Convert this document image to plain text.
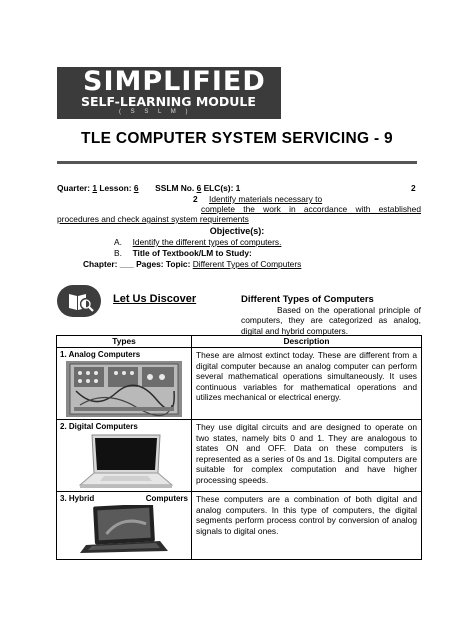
SIMPLIFIED
SELF-LEARNING MODULE
( S S L M )
TLE COMPUTER SYSTEM SERVICING - 9
Quarter: 1 Lesson: 6 SSLM No. 6 ELC(s): 1	2
2 Identify materials necessary to
complete the work in accordance with established
procedures and check against system requirements
Objective(s):
A. Identify the different types of computers.
B. Title of Textbook/LM to Study:
Chapter: ___ Pages: Topic: Different Types of Computers
Let Us Discover	Different Types of Computers
Based on the operational principle of computers, they are categorized as analog, digital and hybrid computers.
Types	Description

1. Analog Computers	These are almost extinct today. These are different from a digital computer because an analog computer can perform several mathematical operations simultaneously. It uses continuous variables for mathematical operations and utilizes mechanical or electrical energy.

2. Digital Computers	They use digital circuits and are designed to operate on two states, namely bits 0 and 1. They are analogous to states ON and OFF. Data on these computers is represented as a series of 0s and 1s. Digital computers are suitable for complex computation and have higher processing speeds.

3. Hybrid Computers	These computers are a combination of both digital and analog computers. In this type of computers, the digital segments perform process control by conversion of analog signals to digital ones.
